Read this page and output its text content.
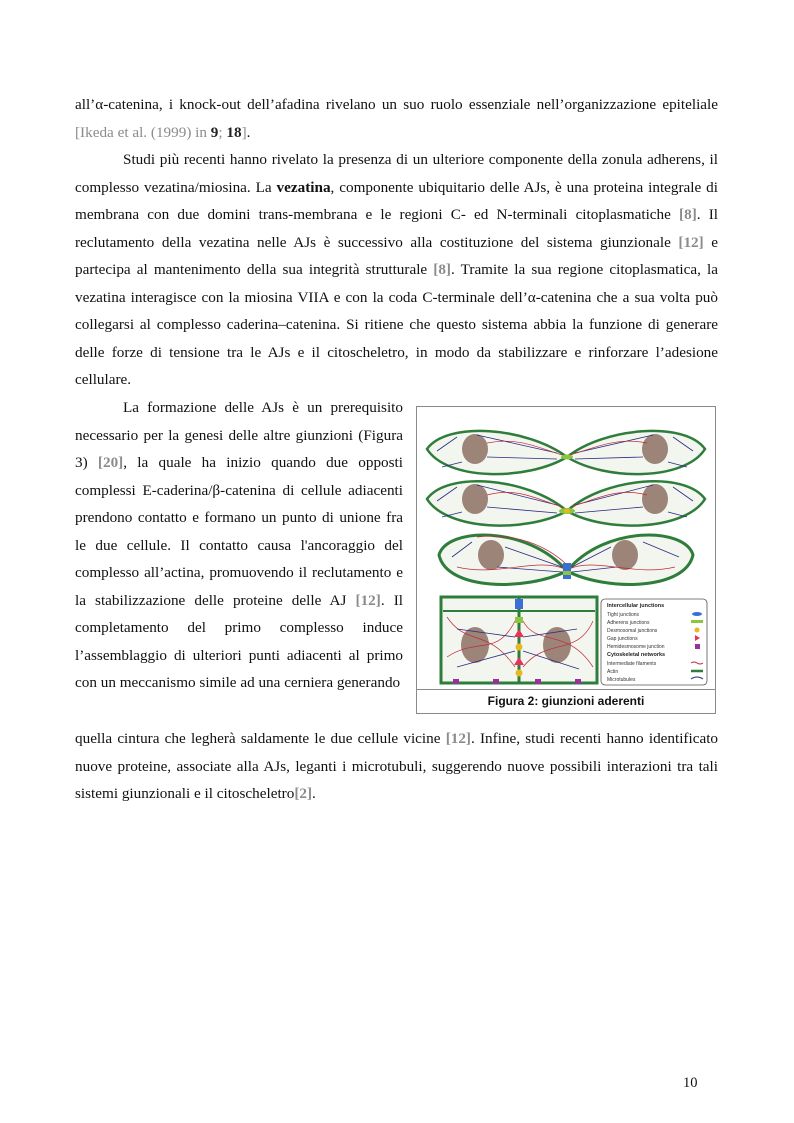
all’α-catenina, i knock-out dell’afadina rivelano un suo ruolo essenziale nell’organizzazione epiteliale [Ikeda et al. (1999) in 9; 18].

Studi più recenti hanno rivelato la presenza di un ulteriore componente della zonula adherens, il complesso vezatina/miosina. La vezatina, componente ubiquitario delle AJs, è una proteina integrale di membrana con due domini trans-membrana e le regioni C- ed N-terminali citoplasmatiche [8]. Il reclutamento della vezatina nelle AJs è successivo alla costituzione del sistema giunzionale [12] e partecipa al mantenimento della sua integrità strutturale [8]. Tramite la sua regione citoplasmatica, la vezatina interagisce con la miosina VIIA e con la coda C-terminale dell’α-catenina che a sua volta può collegarsi al complesso caderina–catenina. Si ritiene che questo sistema abbia la funzione di generare delle forze di tensione tra le AJs e il citoscheletro, in modo da stabilizzare e rinforzare l’adesione cellulare.

La formazione delle AJs è un prerequisito necessario per la genesi delle altre giunzioni (Figura 3) [20], la quale ha inizio quando due opposti complessi E-caderina/β-catenina di cellule adiacenti prendono contatto e formano un punto di unione fra le due cellule. Il contatto causa l'ancoraggio del complesso all’actina, promuovendo il reclutamento e la stabilizzazione delle proteine delle AJ [12]. Il completamento del primo complesso induce l’assemblaggio di ulteriori punti adiacenti al primo con un meccanismo simile ad una cerniera generando

quella cintura che legherà saldamente le due cellule vicine [12]. Infine, studi recenti hanno identificato nuove proteine, associate alla AJs, leganti i microtubuli, suggerendo nuove possibili interazioni tra tali sistemi giunzionali e il citoscheletro[2].

Intercellular junctions
Tight junctions
Adherens junctions
Desmosomal junctions
Gap junctions
Hemidesmosome junction
Cytoskeletal networks
Intermediate filaments
Actin
Microtubules
Figura 2: giunzioni aderenti
10
